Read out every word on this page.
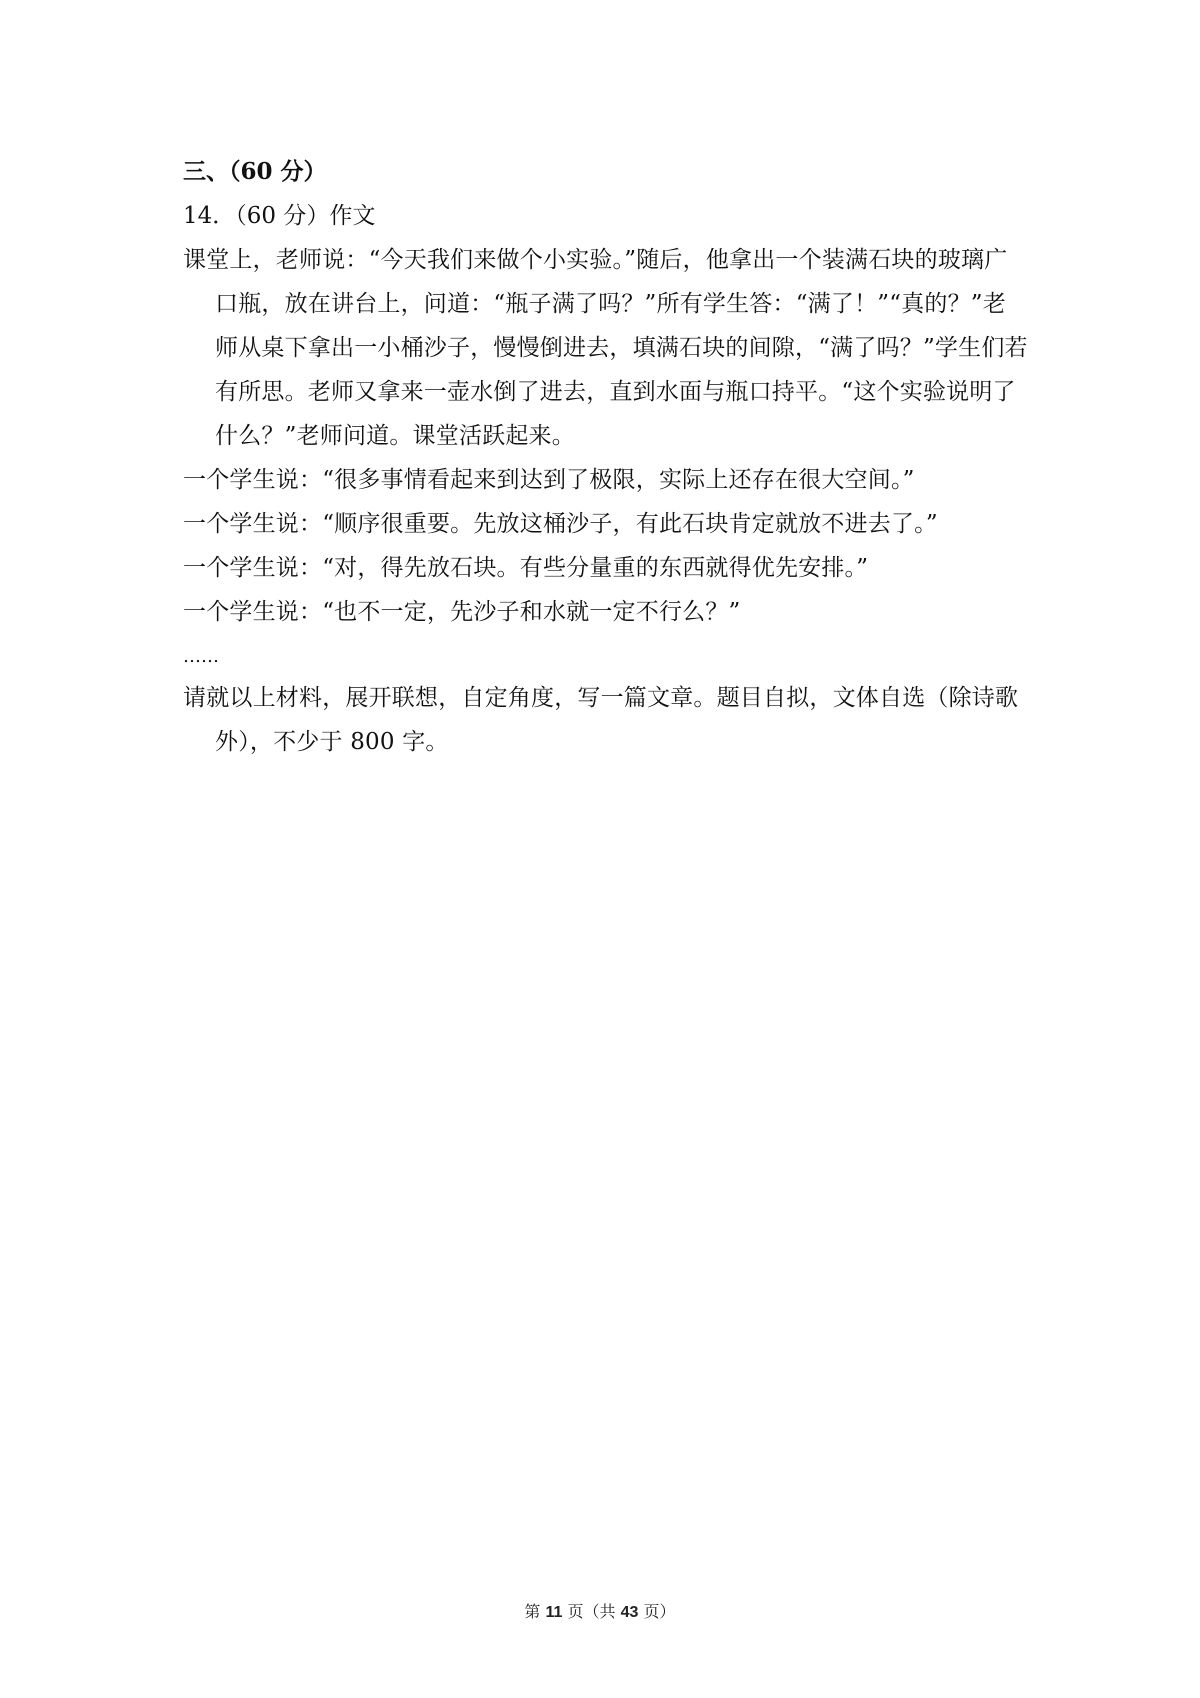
三、（60 分）
14．（60 分）作文
课堂上，老师说：“今天我们来做个小实验。”随后，他拿出一个装满石块的玻璃广口瓶，放在讲台上，问道：“瓶子满了吗？”所有学生答：“满了！”“真的？”老师从桌下拿出一小桶沙子，慢慢倒进去，填满石块的间隙，“满了吗？”学生们若有所思。老师又拿来一壶水倒了进去，直到水面与瓶口持平。“这个实验说明了什么？”老师问道。课堂活跃起来。
一个学生说：“很多事情看起来到达到了极限，实际上还存在很大空间。”
一个学生说：“顺序很重要。先放这桶沙子，有此石块肯定就放不进去了。”
一个学生说：“对，得先放石块。有些分量重的东西就得优先安排。”
一个学生说：“也不一定，先沙子和水就一定不行么？”
……
请就以上材料，展开联想，自定角度，写一篇文章。题目自拟，文体自选（除诗歌外），不少于 800 字。
第 11 页（共 43 页）
